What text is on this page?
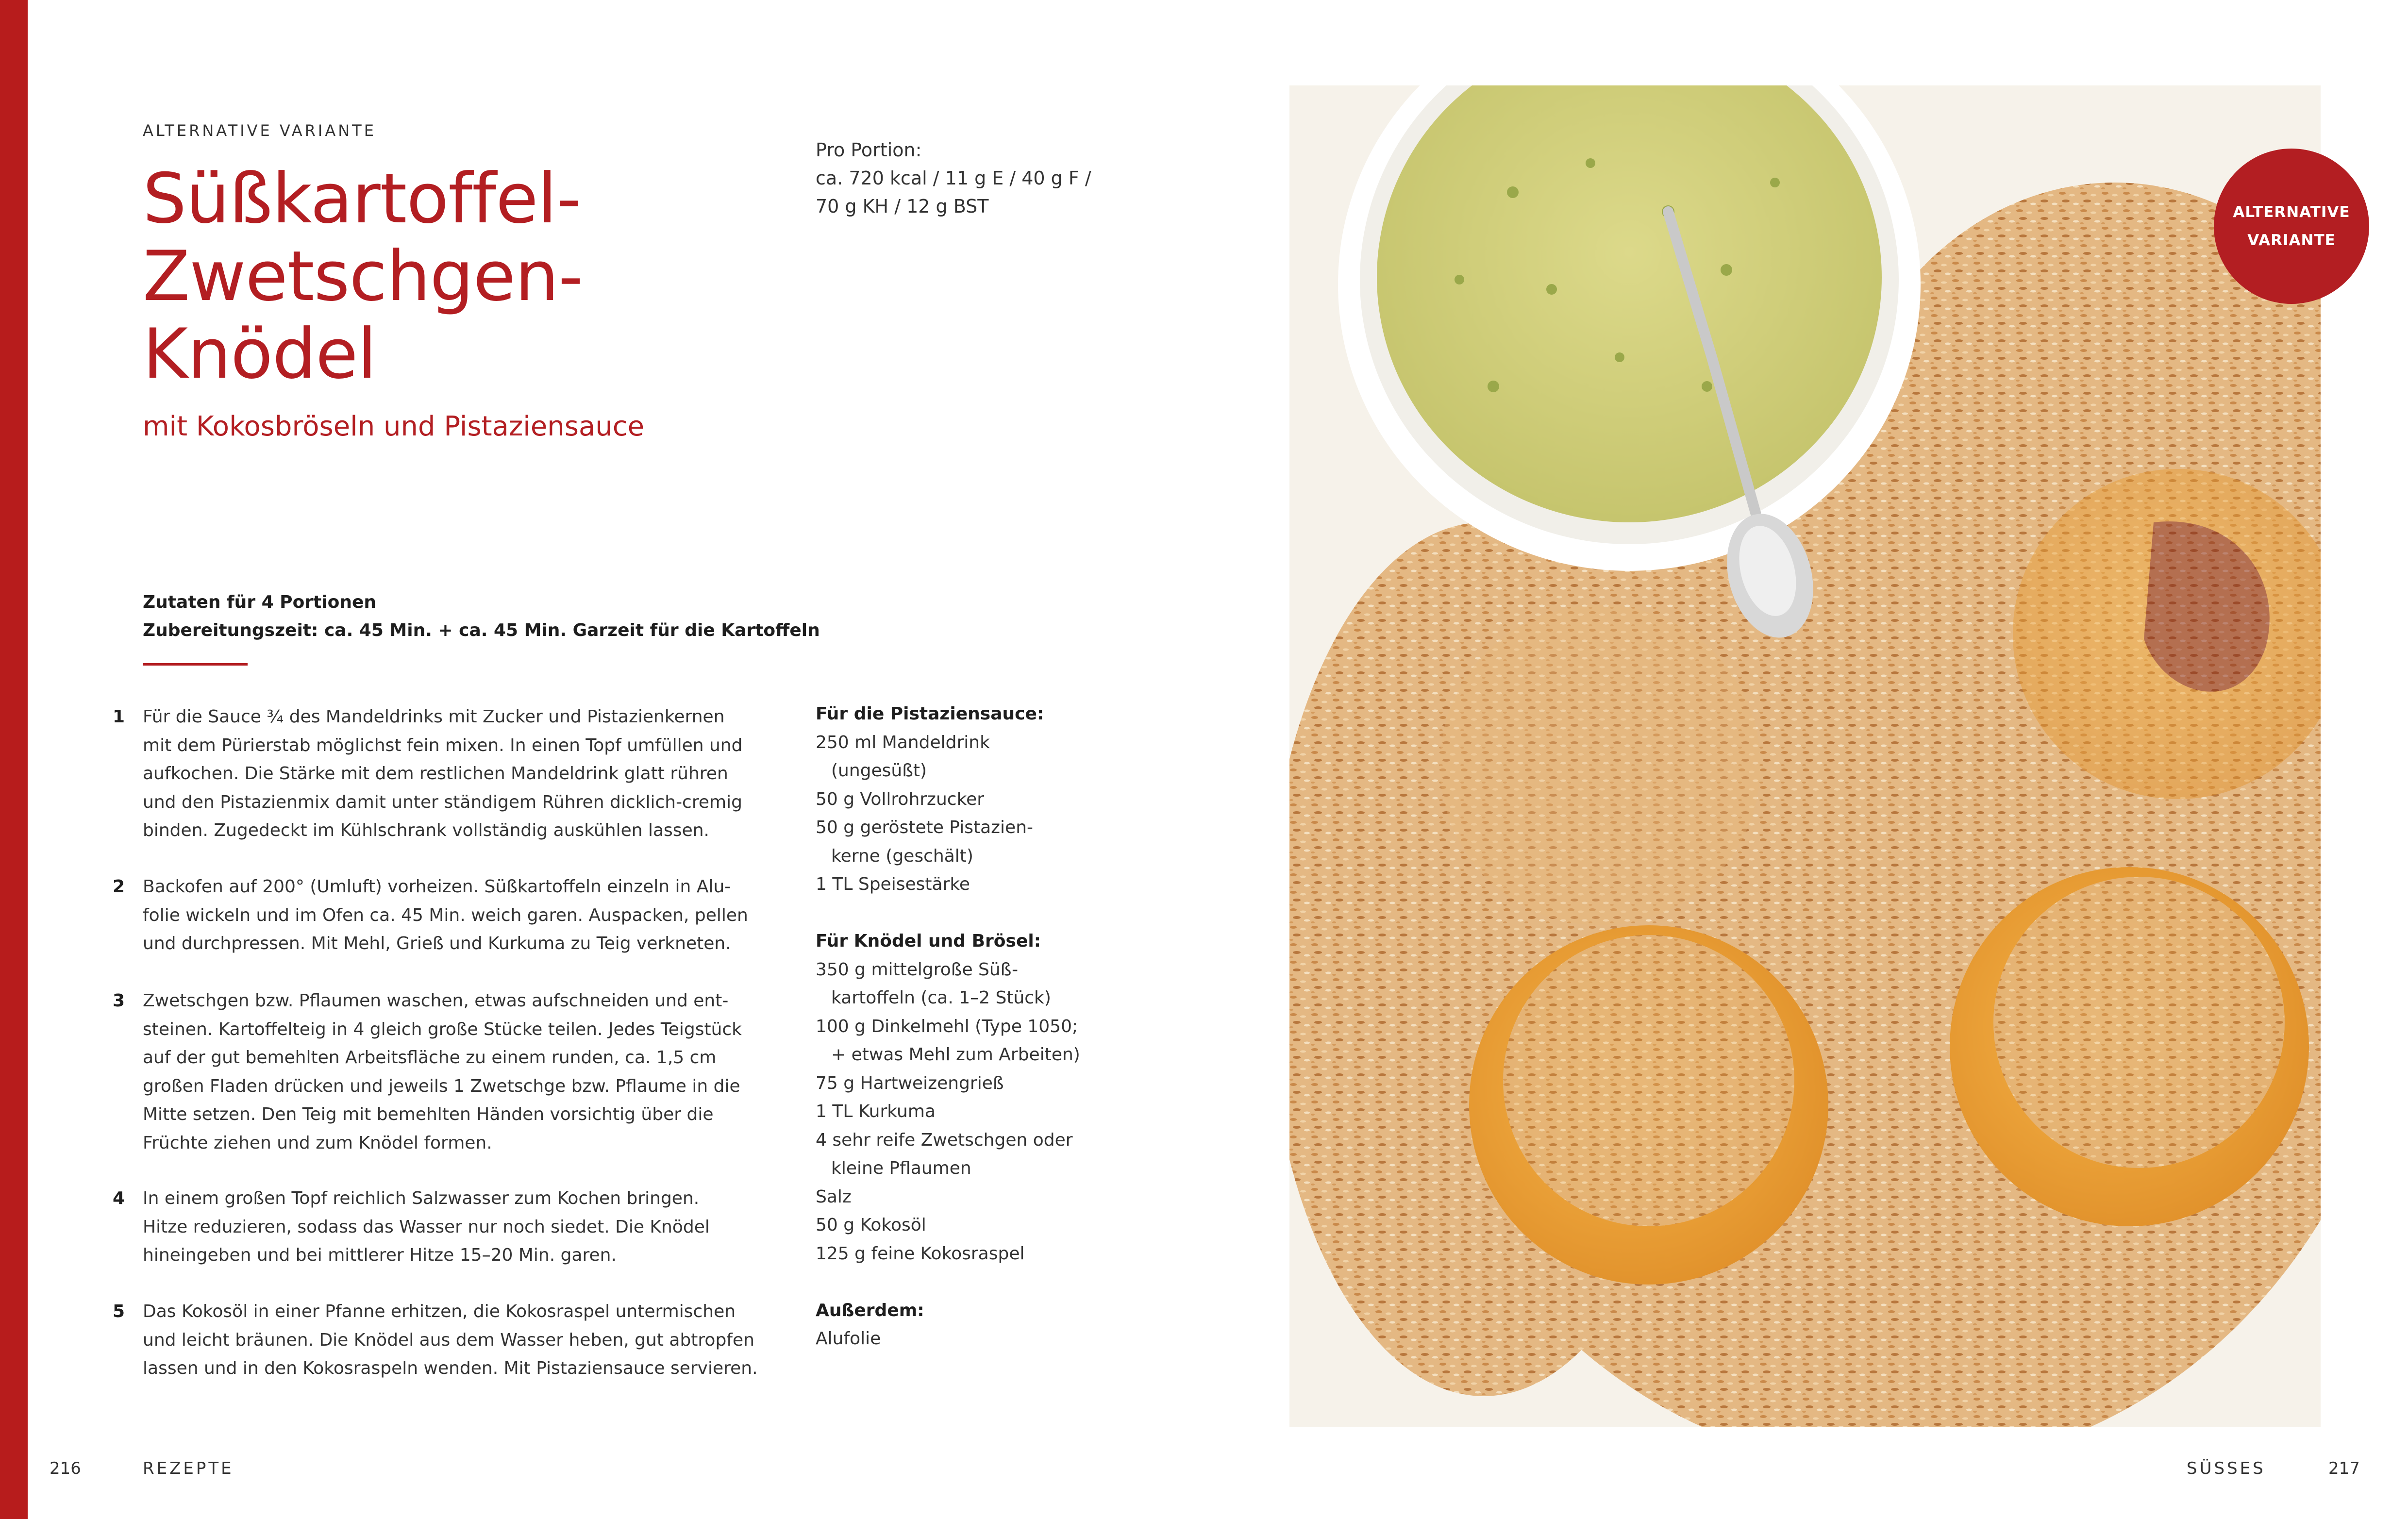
ALTERNATIVE VARIANTE
Süßkartoffel-
Zwetschgen-
Knödel
mit Kokosbröseln und Pistaziensauce
Pro Portion:
ca. 720 kcal / 11 g E / 40 g F /
70 g KH / 12 g BST
Zutaten für 4 Portionen
Zubereitungszeit: ca. 45 Min. + ca. 45 Min. Garzeit für die Kartoffeln
1 Für die Sauce ¾ des Mandeldrinks mit Zucker und Pistazienkernen
mit dem Pürierstab möglichst fein mixen. In einen Topf umfüllen und
aufkochen. Die Stärke mit dem restlichen Mandeldrink glatt rühren
und den Pistazienmix damit unter ständigem Rühren dicklich-cremig
binden. Zugedeckt im Kühlschrank vollständig auskühlen lassen.
2 Backofen auf 200° (Umluft) vorheizen. Süßkartoffeln einzeln in Alu-
folie wickeln und im Ofen ca. 45 Min. weich garen. Auspacken, pellen
und durchpressen. Mit Mehl, Grieß und Kurkuma zu Teig verkneten.
3 Zwetschgen bzw. Pflaumen waschen, etwas aufschneiden und ent-
steinen. Kartoffelteig in 4 gleich große Stücke teilen. Jedes Teigstück
auf der gut bemehlten Arbeitsfläche zu einem runden, ca. 1,5 cm
großen Fladen drücken und jeweils 1 Zwetschge bzw. Pflaume in die
Mitte setzen. Den Teig mit bemehlten Händen vorsichtig über die
Früchte ziehen und zum Knödel formen.
4 In einem großen Topf reichlich Salzwasser zum Kochen bringen.
Hitze reduzieren, sodass das Wasser nur noch siedet. Die Knödel
hineingeben und bei mittlerer Hitze 15–20 Min. garen.
5 Das Kokosöl in einer Pfanne erhitzen, die Kokosraspel untermischen
und leicht bräunen. Die Knödel aus dem Wasser heben, gut abtropfen
lassen und in den Kokosraspeln wenden. Mit Pistaziensauce servieren.
Für die Pistaziensauce:
250 ml Mandeldrink
(ungesüßt)
50 g Vollrohrzucker
50 g geröstete Pistazien-
kerne (geschält)
1 TL Speisestärke
Für Knödel und Brösel:
350 g mittelgroße Süß-
kartoffeln (ca. 1–2 Stück)
100 g Dinkelmehl (Type 1050;
+ etwas Mehl zum Arbeiten)
75 g Hartweizengrieß
1 TL Kurkuma
4 sehr reife Zwetschgen oder
kleine Pflaumen
Salz
50 g Kokosöl
125 g feine Kokosraspel
Außerdem:
Alufolie
216	REZEPTE	SÜSSES	217
ALTERNATIVE
VARIANTE
